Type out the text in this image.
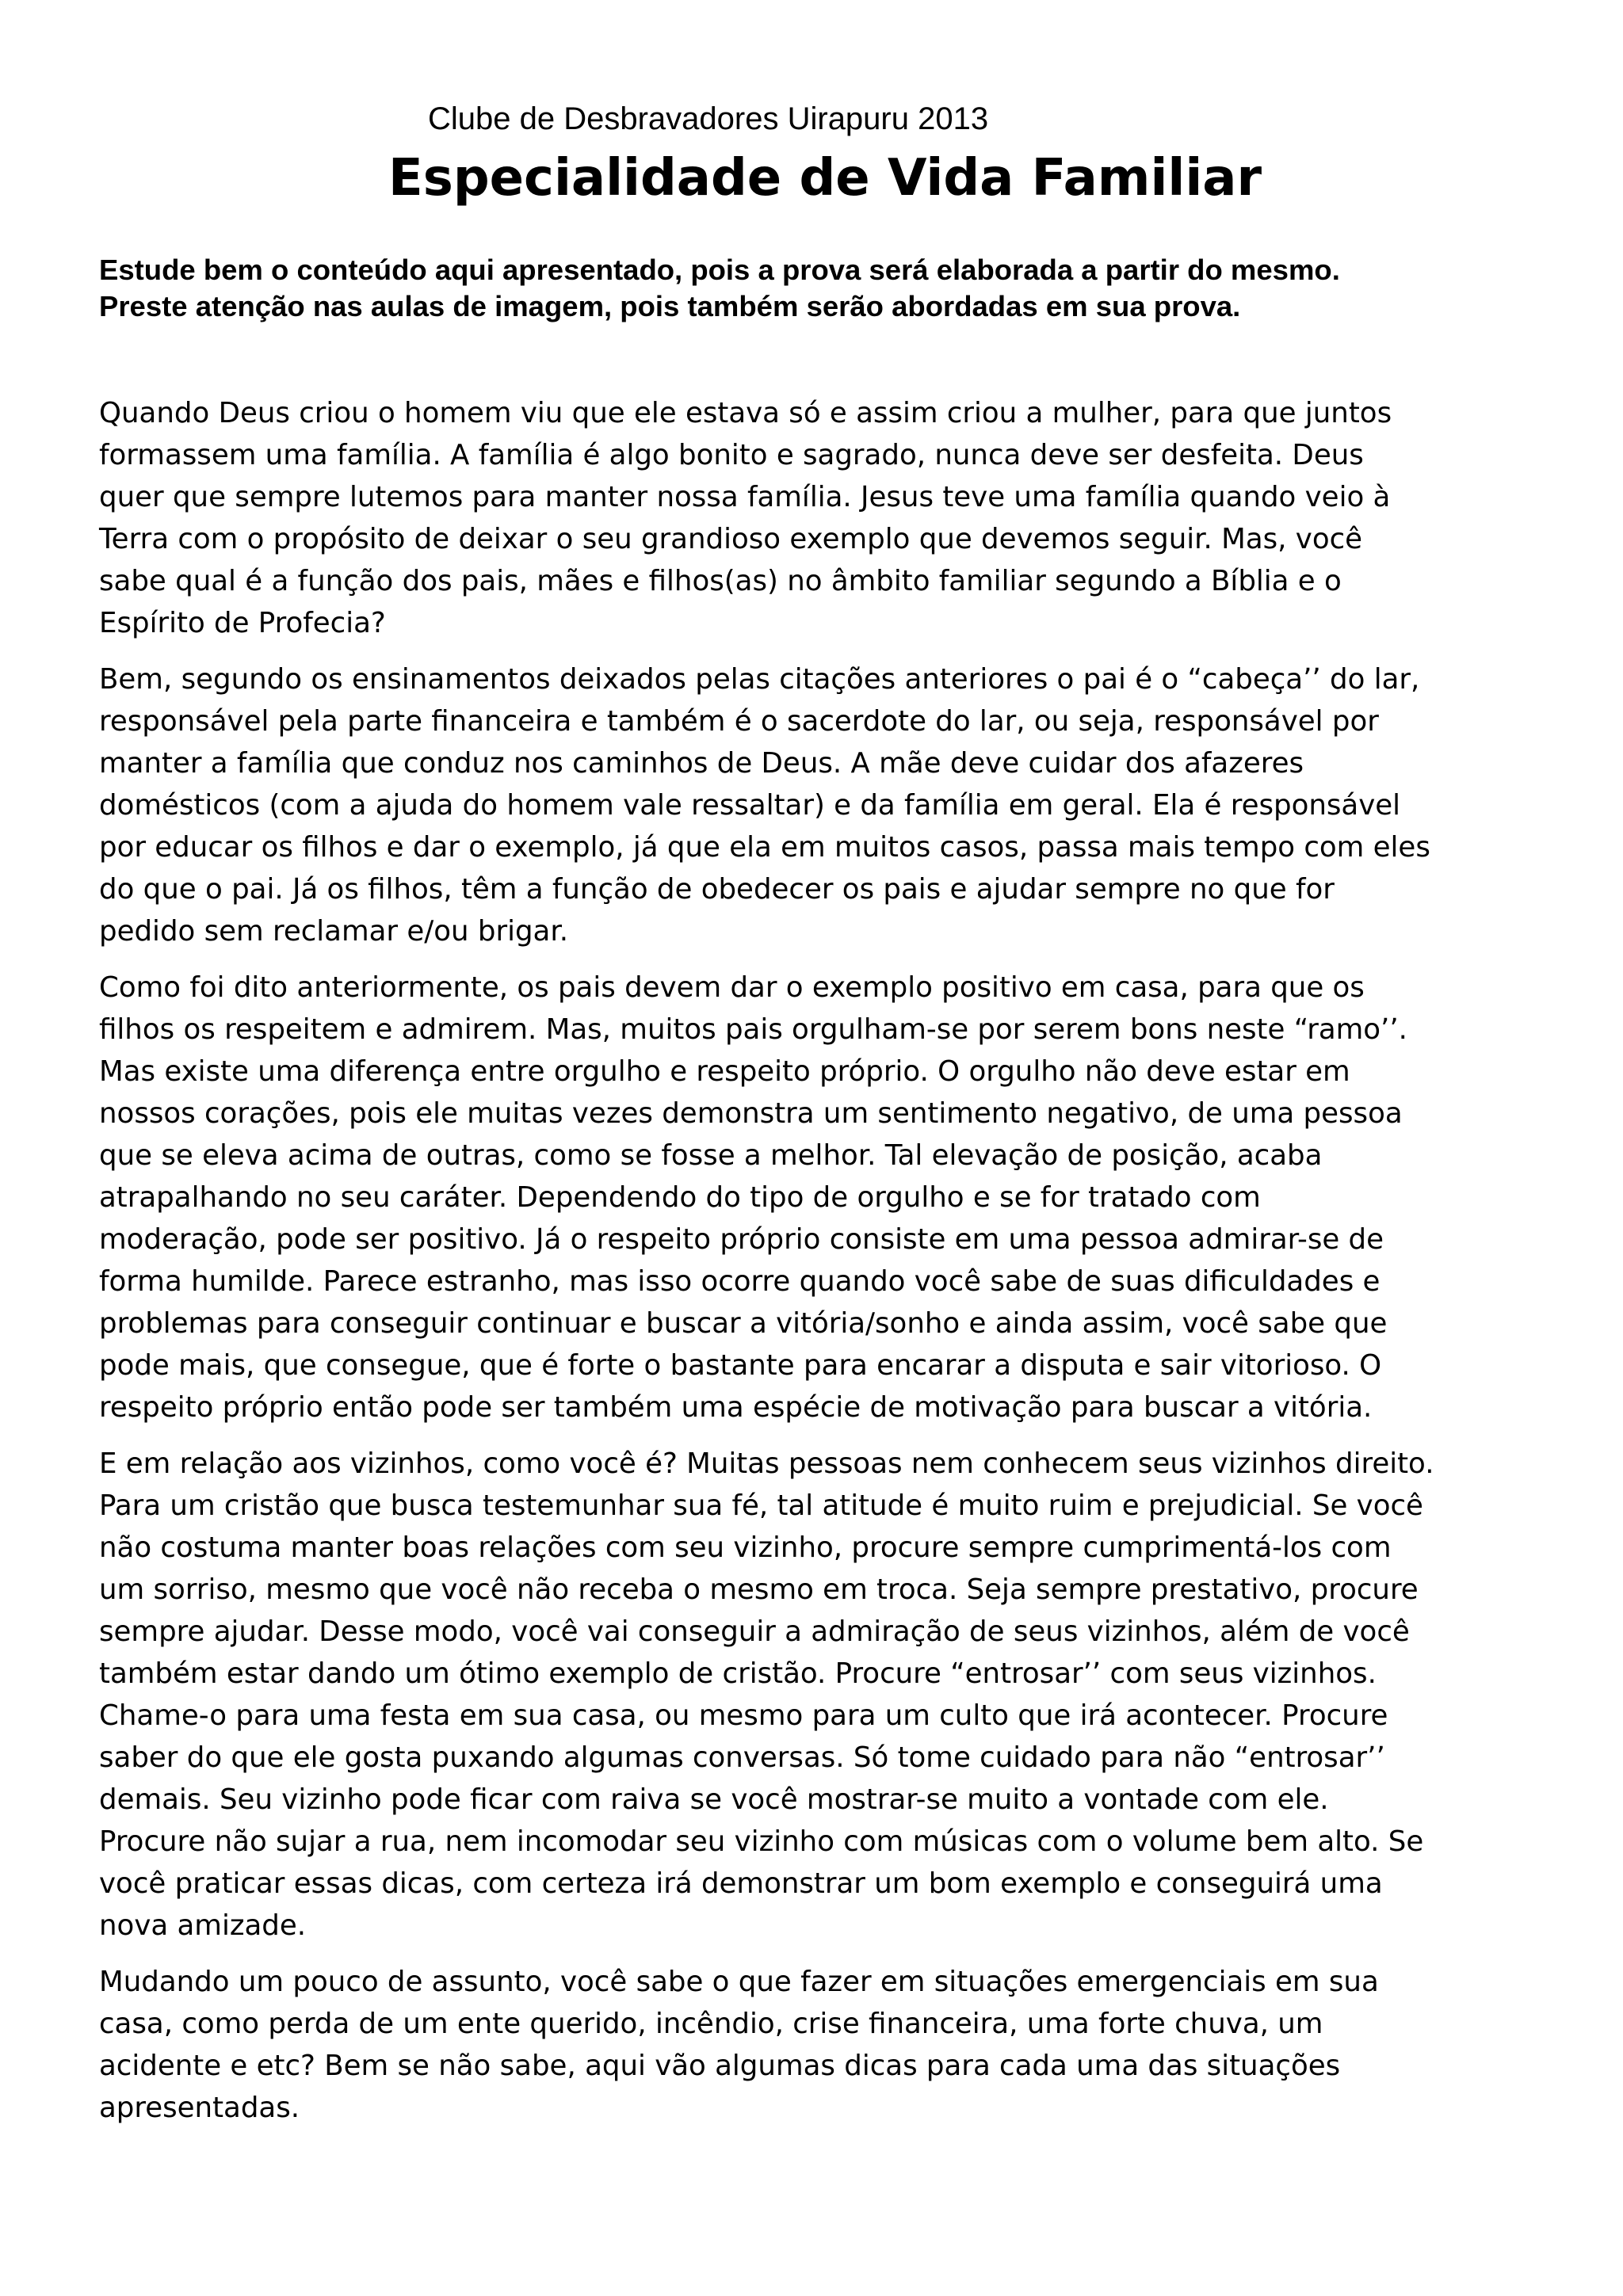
Clube de Desbravadores Uirapuru 2013
Especialidade de Vida Familiar

Estude bem o conteúdo aqui apresentado, pois a prova será elaborada a partir do mesmo.

Preste atenção nas aulas de imagem, pois também serão abordadas em sua prova.

Quando Deus criou o homem viu que ele estava só e assim criou a mulher, para que juntos
formassem uma família. A família é algo bonito e sagrado, nunca deve ser desfeita. Deus
quer que sempre lutemos para manter nossa família. Jesus teve uma família quando veio à
Terra com o propósito de deixar o seu grandioso exemplo que devemos seguir. Mas, você
sabe qual é a função dos pais, mães e filhos(as) no âmbito familiar segundo a Bíblia e o
Espírito de Profecia?

Bem, segundo os ensinamentos deixados pelas citações anteriores o pai é o “cabeça’’ do lar,
responsável pela parte financeira e também é o sacerdote do lar, ou seja, responsável por
manter a família que conduz nos caminhos de Deus. A mãe deve cuidar dos afazeres
domésticos (com a ajuda do homem vale ressaltar) e da família em geral. Ela é responsável
por educar os filhos e dar o exemplo, já que ela em muitos casos, passa mais tempo com eles
do que o pai. Já os filhos, têm a função de obedecer os pais e ajudar sempre no que for
pedido sem reclamar e/ou brigar.

Como foi dito anteriormente, os pais devem dar o exemplo positivo em casa, para que os
filhos os respeitem e admirem. Mas, muitos pais orgulham-se por serem bons neste “ramo’’.
Mas existe uma diferença entre orgulho e respeito próprio. O orgulho não deve estar em
nossos corações, pois ele muitas vezes demonstra um sentimento negativo, de uma pessoa
que se eleva acima de outras, como se fosse a melhor. Tal elevação de posição, acaba
atrapalhando no seu caráter. Dependendo do tipo de orgulho e se for tratado com
moderação, pode ser positivo. Já o respeito próprio consiste em uma pessoa admirar-se de
forma humilde. Parece estranho, mas isso ocorre quando você sabe de suas dificuldades e
problemas para conseguir continuar e buscar a vitória/sonho e ainda assim, você sabe que
pode mais, que consegue, que é forte o bastante para encarar a disputa e sair vitorioso. O
respeito próprio então pode ser também uma espécie de motivação para buscar a vitória.

E em relação aos vizinhos, como você é? Muitas pessoas nem conhecem seus vizinhos direito.
Para um cristão que busca testemunhar sua fé, tal atitude é muito ruim e prejudicial. Se você
não costuma manter boas relações com seu vizinho, procure sempre cumprimentá-los com
um sorriso, mesmo que você não receba o mesmo em troca. Seja sempre prestativo, procure
sempre ajudar. Desse modo, você vai conseguir a admiração de seus vizinhos, além de você
também estar dando um ótimo exemplo de cristão. Procure “entrosar’’ com seus vizinhos.
Chame-o para uma festa em sua casa, ou mesmo para um culto que irá acontecer. Procure
saber do que ele gosta puxando algumas conversas. Só tome cuidado para não “entrosar’’
demais. Seu vizinho pode ficar com raiva se você mostrar-se muito a vontade com ele.
Procure não sujar a rua, nem incomodar seu vizinho com músicas com o volume bem alto. Se
você praticar essas dicas, com certeza irá demonstrar um bom exemplo e conseguirá uma
nova amizade.

Mudando um pouco de assunto, você sabe o que fazer em situações emergenciais em sua
casa, como perda de um ente querido, incêndio, crise financeira, uma forte chuva, um
acidente e etc? Bem se não sabe, aqui vão algumas dicas para cada uma das situações
apresentadas.
